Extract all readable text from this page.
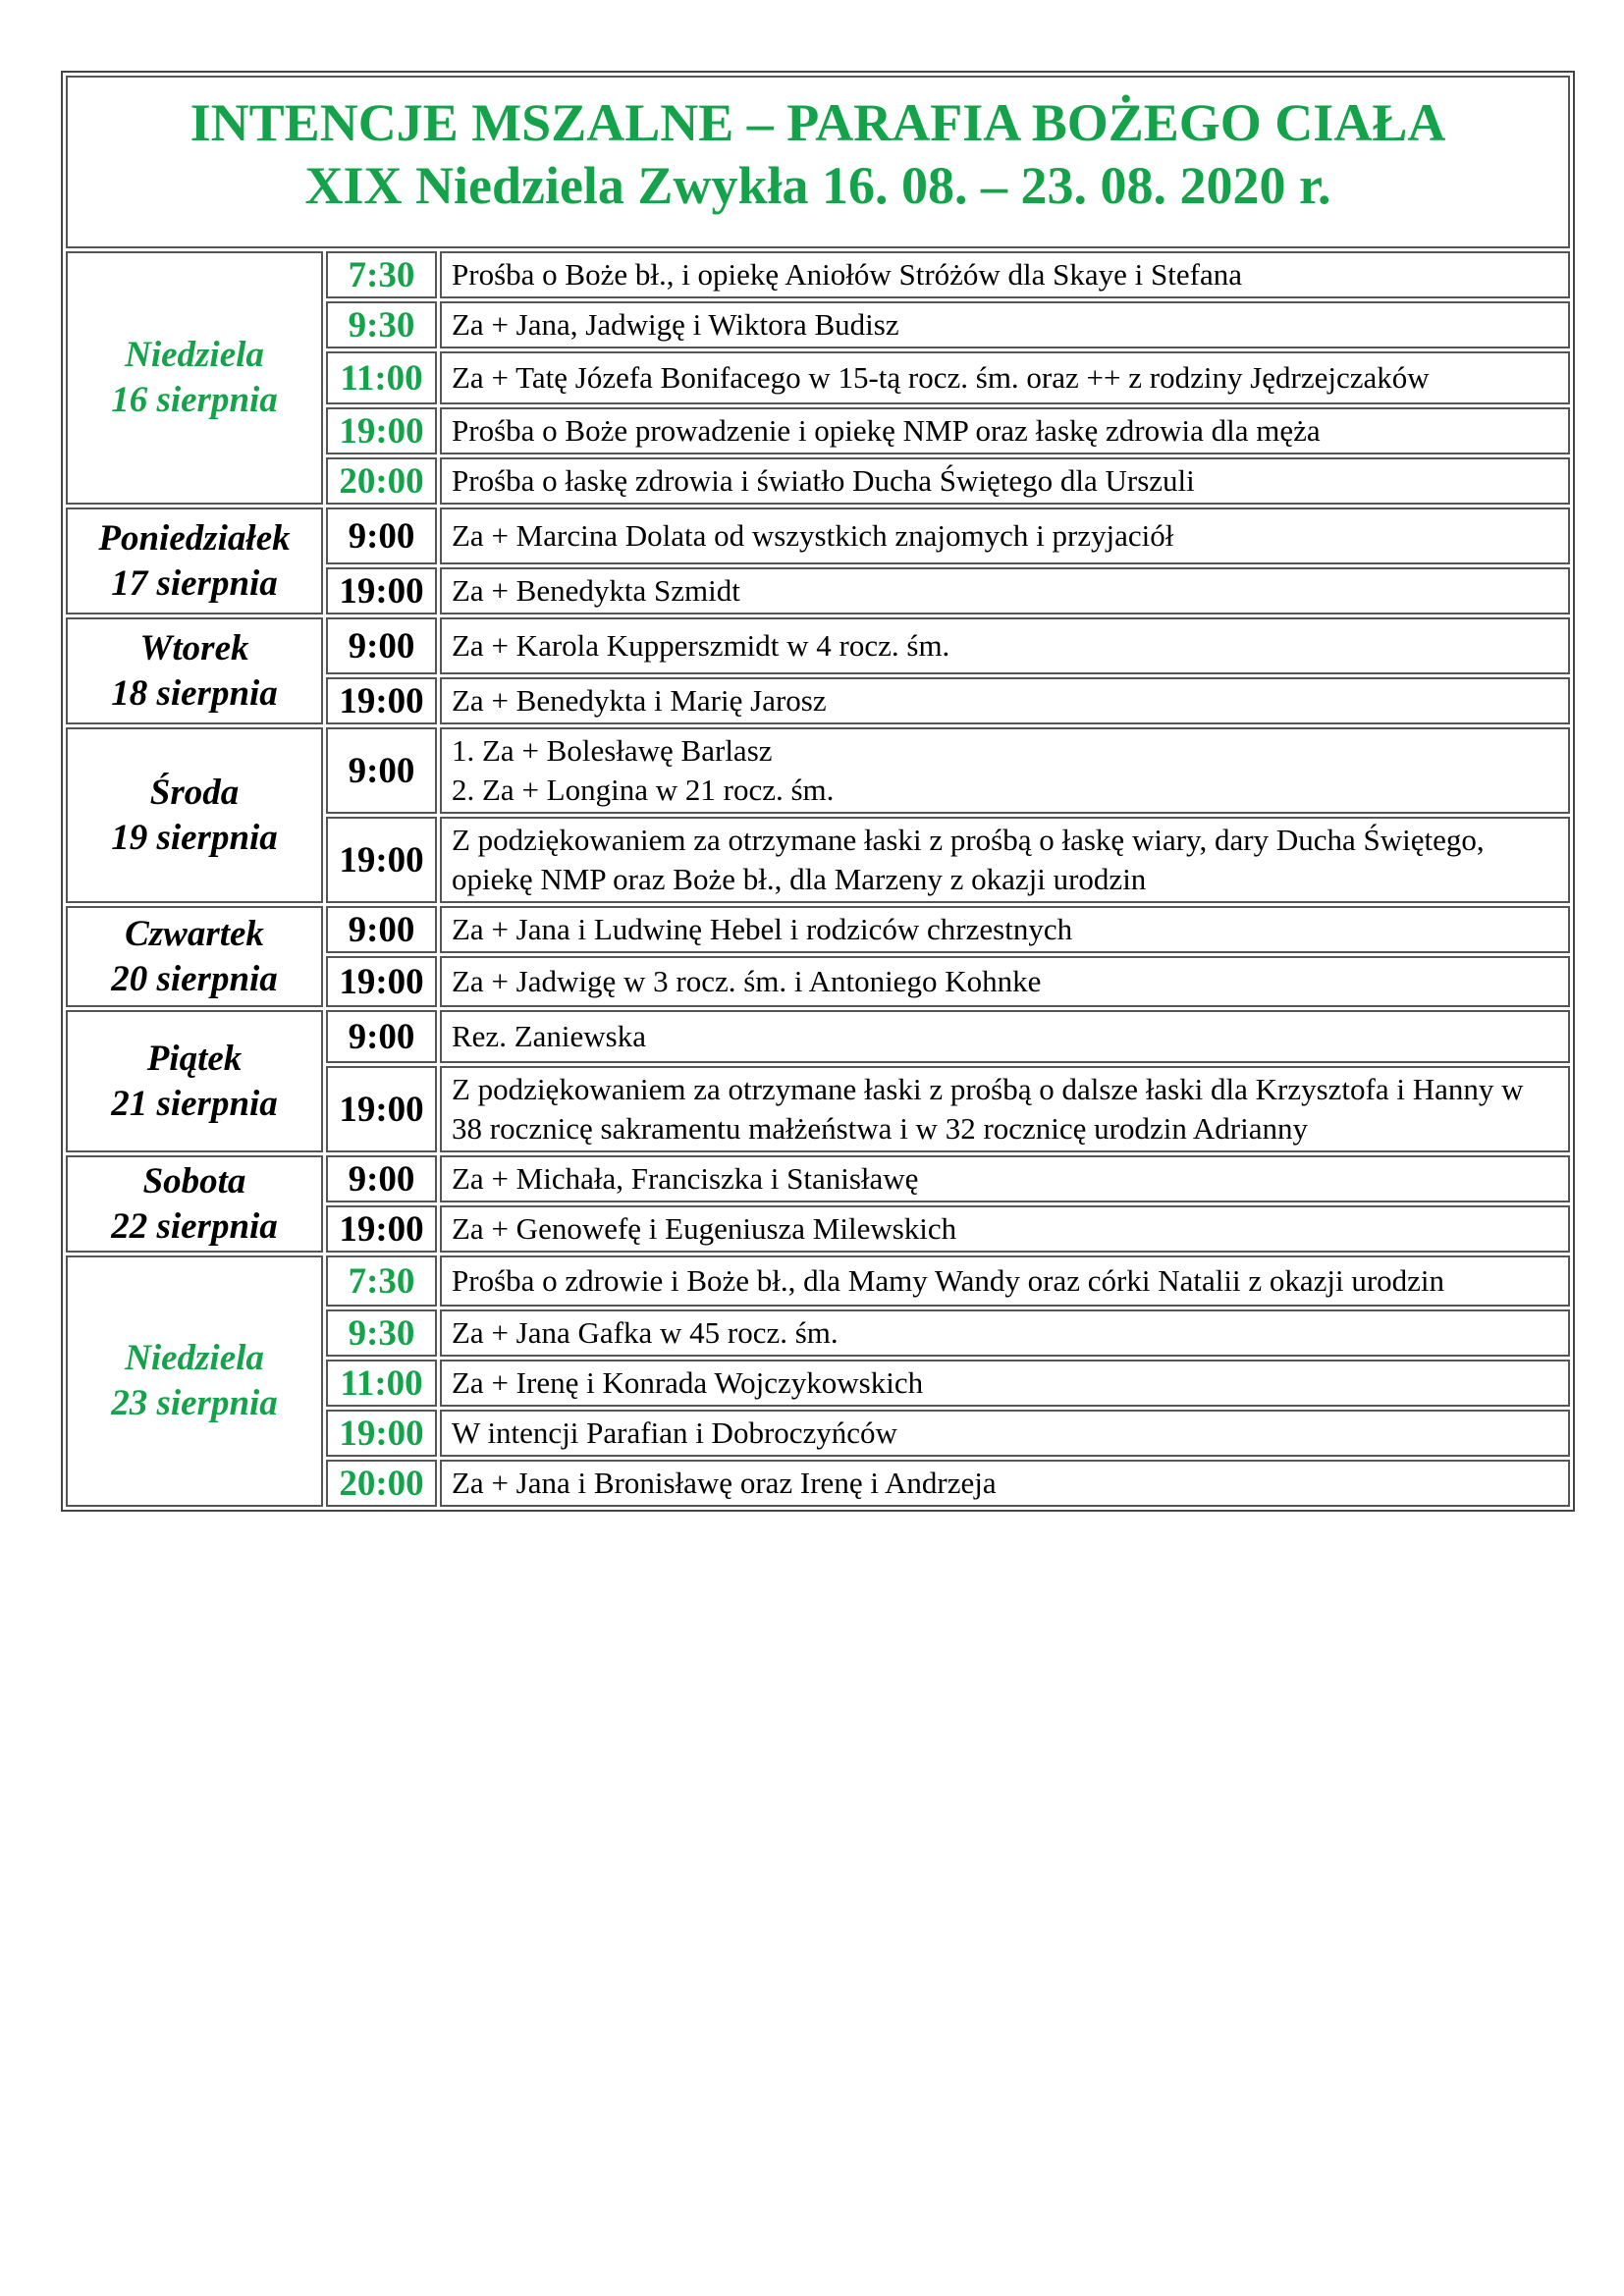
INTENCJE MSZALNE – PARAFIA BOŻEGO CIAŁA
XIX Niedziela Zwykła 16. 08. – 23. 08. 2020 r.		

Niedziela
16 sierpnia	7:30	Prośba o Boże bł., i opiekę Aniołów Stróżów dla Skaye i Stefana
	9:30	Za + Jana, Jadwigę i Wiktora Budisz
	11:00	Za + Tatę Józefa Bonifacego w 15-tą rocz. śm. oraz ++ z rodziny Jędrzejczaków
	19:00	Prośba o Boże prowadzenie i opiekę NMP oraz łaskę zdrowia dla męża
	20:00	Prośba o łaskę zdrowia i światło Ducha Świętego dla Urszuli

Poniedziałek
17 sierpnia	9:00	Za + Marcina Dolata od wszystkich znajomych i przyjaciół
	19:00	Za + Benedykta Szmidt

Wtorek
18 sierpnia	9:00	Za + Karola Kupperszmidt w 4 rocz. śm.
	19:00	Za + Benedykta i Marię Jarosz

Środa
19 sierpnia	9:00	1. Za + Bolesławę Barlasz
2. Za + Longina w 21 rocz. śm.
	19:00	Z podziękowaniem za otrzymane łaski z prośbą o łaskę wiary, dary Ducha Świętego, opiekę NMP oraz Boże bł., dla Marzeny z okazji urodzin

Czwartek
20 sierpnia	9:00	Za + Jana i Ludwinę Hebel i rodziców chrzestnych
	19:00	Za + Jadwigę w 3 rocz. śm. i Antoniego Kohnke

Piątek
21 sierpnia	9:00	Rez. Zaniewska
	19:00	Z podziękowaniem za otrzymane łaski z prośbą o dalsze łaski dla Krzysztofa i Hanny w 38 rocznicę sakramentu małżeństwa i w 32 rocznicę urodzin Adrianny

Sobota
22 sierpnia	9:00	Za + Michała, Franciszka i Stanisławę
	19:00	Za + Genowefę i Eugeniusza Milewskich

Niedziela
23 sierpnia	7:30	Prośba o zdrowie i Boże bł., dla Mamy Wandy oraz córki Natalii z okazji urodzin
	9:30	Za + Jana Gafka w 45 rocz. śm.
	11:00	Za + Irenę i Konrada Wojczykowskich
	19:00	W intencji Parafian i Dobroczyńców
	20:00	Za + Jana i Bronisławę oraz Irenę i Andrzeja
